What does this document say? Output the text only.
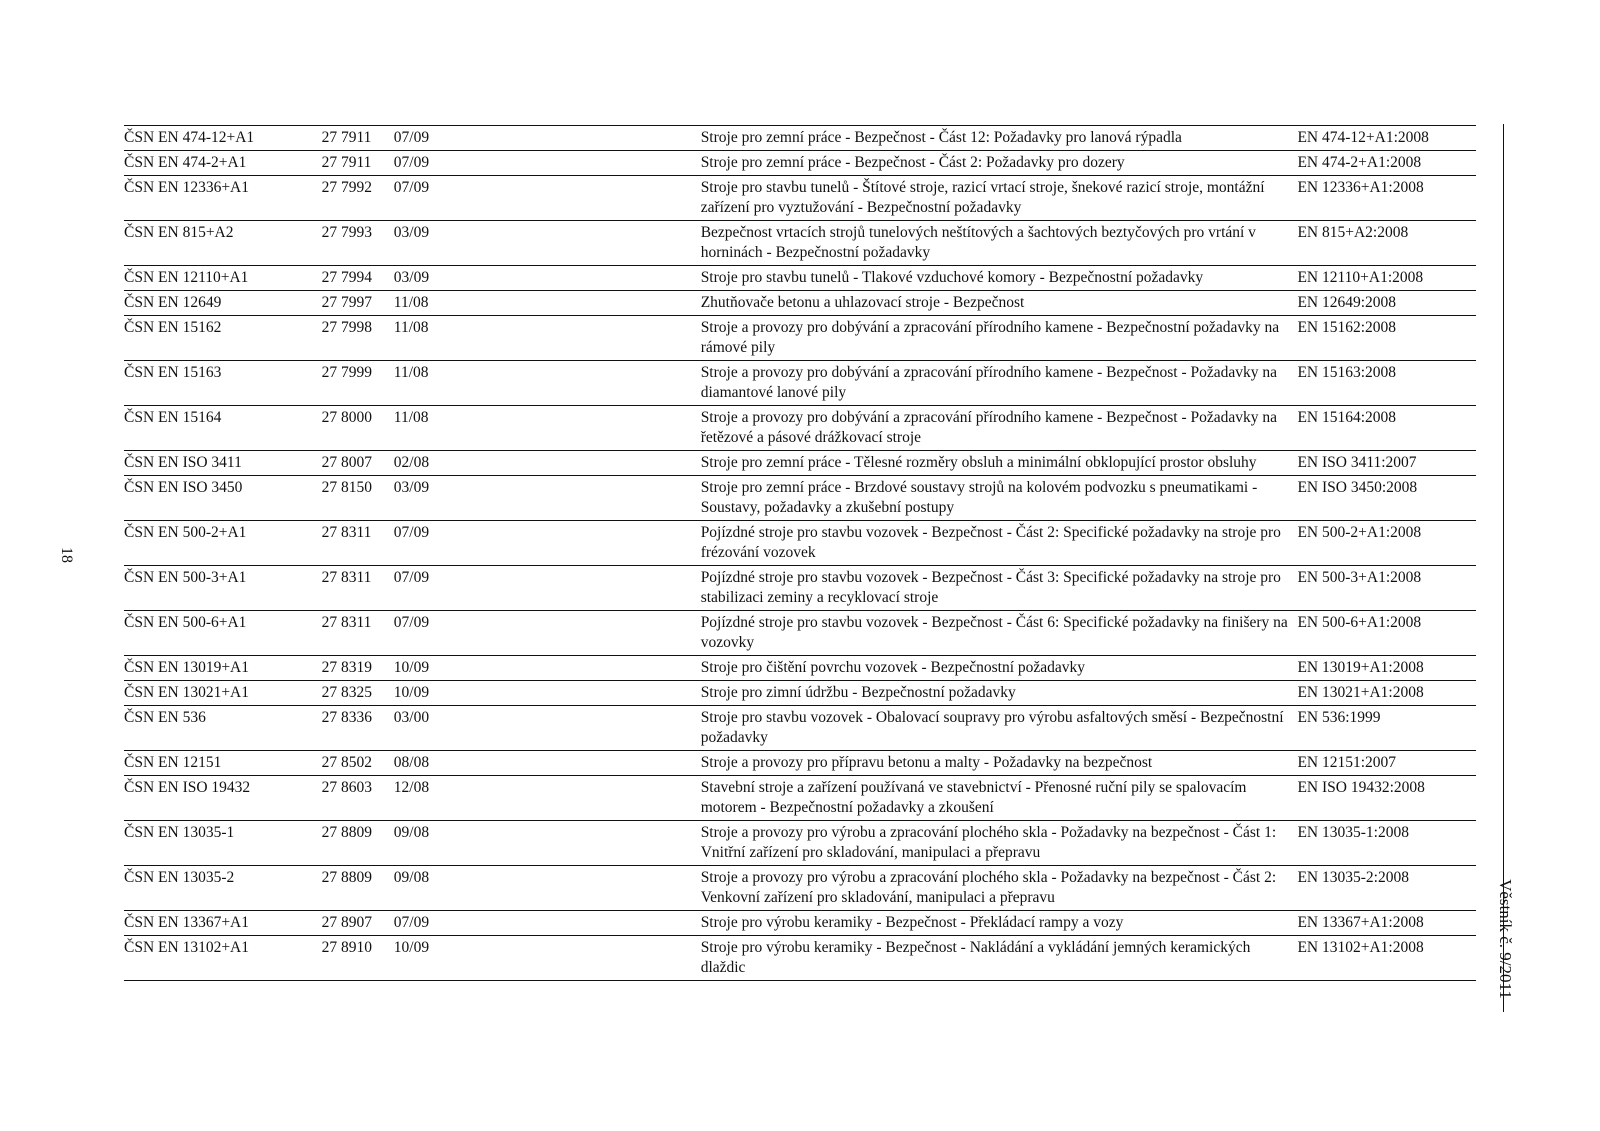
18
ČSN EN 474-12+A1	27 7911	07/09	Stroje pro zemní práce - Bezpečnost - Část 12: Požadavky pro lanová rýpadla	EN 474-12+A1:2008
ČSN EN 474-2+A1	27 7911	07/09	Stroje pro zemní práce - Bezpečnost - Část 2: Požadavky pro dozery	EN 474-2+A1:2008
ČSN EN 12336+A1	27 7992	07/09	Stroje pro stavbu tunelů - Štítové stroje, razicí vrtací stroje, šnekové razicí stroje, montážní zařízení pro vyztužování - Bezpečnostní požadavky	EN 12336+A1:2008
ČSN EN 815+A2	27 7993	03/09	Bezpečnost vrtacích strojů tunelových neštítových a šachtových beztyčových pro vrtání v horninách - Bezpečnostní požadavky	EN 815+A2:2008
ČSN EN 12110+A1	27 7994	03/09	Stroje pro stavbu tunelů - Tlakové vzduchové komory - Bezpečnostní požadavky	EN 12110+A1:2008
ČSN EN 12649	27 7997	11/08	Zhutňovače betonu a uhlazovací stroje - Bezpečnost	EN 12649:2008
ČSN EN 15162	27 7998	11/08	Stroje a provozy pro dobývání a zpracování přírodního kamene - Bezpečnostní požadavky na rámové pily	EN 15162:2008
ČSN EN 15163	27 7999	11/08	Stroje a provozy pro dobývání a zpracování přírodního kamene - Bezpečnost - Požadavky na diamantové lanové pily	EN 15163:2008
ČSN EN 15164	27 8000	11/08	Stroje a provozy pro dobývání a zpracování přírodního kamene - Bezpečnost - Požadavky na řetězové a pásové drážkovací stroje	EN 15164:2008
ČSN EN ISO 3411	27 8007	02/08	Stroje pro zemní práce - Tělesné rozměry obsluh a minimální obklopující prostor obsluhy	EN ISO 3411:2007
ČSN EN ISO 3450	27 8150	03/09	Stroje pro zemní práce - Brzdové soustavy strojů na kolovém podvozku s pneumatikami - Soustavy, požadavky a zkušební postupy	EN ISO 3450:2008
ČSN EN 500-2+A1	27 8311	07/09	Pojízdné stroje pro stavbu vozovek - Bezpečnost - Část 2: Specifické požadavky na stroje pro frézování vozovek	EN 500-2+A1:2008
ČSN EN 500-3+A1	27 8311	07/09	Pojízdné stroje pro stavbu vozovek - Bezpečnost - Část 3: Specifické požadavky na stroje pro stabilizaci zeminy a recyklovací stroje	EN 500-3+A1:2008
ČSN EN 500-6+A1	27 8311	07/09	Pojízdné stroje pro stavbu vozovek - Bezpečnost - Část 6: Specifické požadavky na finišery na vozovky	EN 500-6+A1:2008
ČSN EN 13019+A1	27 8319	10/09	Stroje pro čištění povrchu vozovek - Bezpečnostní požadavky	EN 13019+A1:2008
ČSN EN 13021+A1	27 8325	10/09	Stroje pro zimní údržbu - Bezpečnostní požadavky	EN 13021+A1:2008
ČSN EN 536	27 8336	03/00	Stroje pro stavbu vozovek - Obalovací soupravy pro výrobu asfaltových směsí - Bezpečnostní požadavky	EN 536:1999
ČSN EN 12151	27 8502	08/08	Stroje a provozy pro přípravu betonu a malty - Požadavky na bezpečnost	EN 12151:2007
ČSN EN ISO 19432	27 8603	12/08	Stavební stroje a zařízení používaná ve stavebnictví - Přenosné ruční pily se spalovacím motorem - Bezpečnostní požadavky a zkoušení	EN ISO 19432:2008
ČSN EN 13035-1	27 8809	09/08	Stroje a provozy pro výrobu a zpracování plochého skla - Požadavky na bezpečnost - Část 1: Vnitřní zařízení pro skladování, manipulaci a přepravu	EN 13035-1:2008
ČSN EN 13035-2	27 8809	09/08	Stroje a provozy pro výrobu a zpracování plochého skla - Požadavky na bezpečnost - Část 2: Venkovní zařízení pro skladování, manipulaci a přepravu	EN 13035-2:2008
ČSN EN 13367+A1	27 8907	07/09	Stroje pro výrobu keramiky - Bezpečnost - Překládací rampy a vozy	EN 13367+A1:2008
ČSN EN 13102+A1	27 8910	10/09	Stroje pro výrobu keramiky - Bezpečnost - Nakládání a vykládání jemných keramických dlaždic	EN 13102+A1:2008	Věstník č. 9/2011
